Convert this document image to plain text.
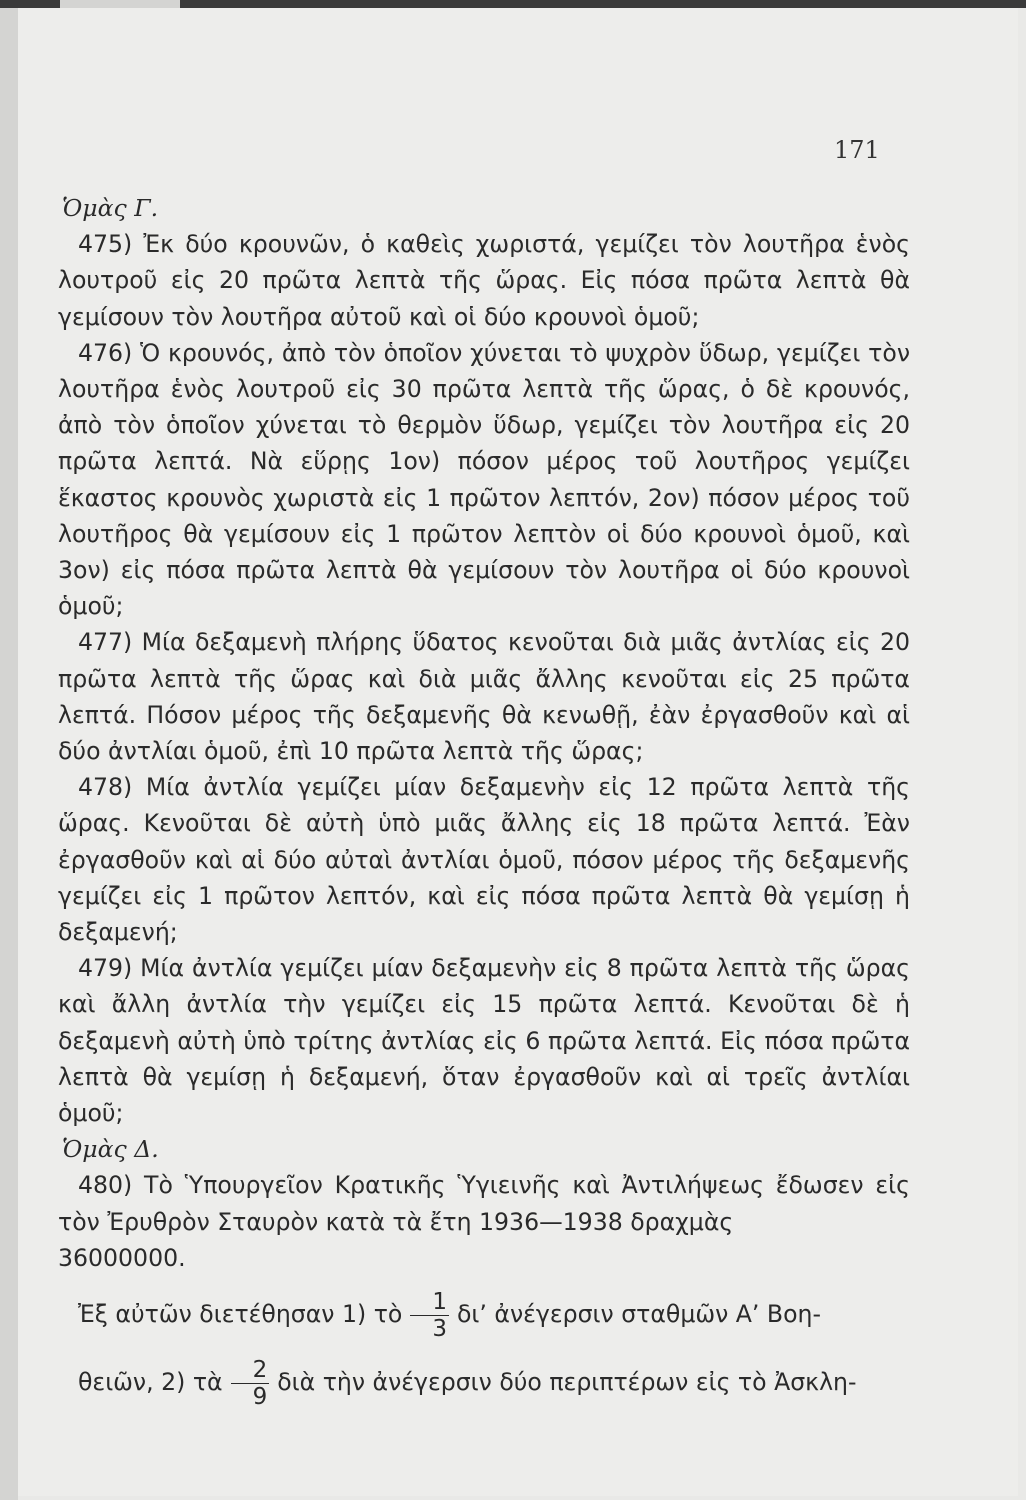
171

Ὁμὰς Γ.

475) Ἐκ δύο κρουνῶν, ὁ καθεὶς χωριστά, γεμίζει τὸν λουτῆρα ἑνὸς λουτροῦ εἰς 20 πρῶτα λεπτὰ τῆς ὥρας. Εἰς πόσα πρῶτα λεπτὰ θὰ γεμίσουν τὸν λουτῆρα αὐτοῦ καὶ οἱ δύο κρουνοὶ ὁμοῦ;

476) Ὁ κρουνός, ἀπὸ τὸν ὁποῖον χύνεται τὸ ψυχρὸν ὕδωρ, γεμίζει τὸν λουτῆρα ἑνὸς λουτροῦ εἰς 30 πρῶτα λεπτὰ τῆς ὥρας, ὁ δὲ κρουνός, ἀπὸ τὸν ὁποῖον χύνεται τὸ θερμὸν ὕδωρ, γεμίζει τὸν λουτῆρα εἰς 20 πρῶτα λεπτά. Νὰ εὕρῃς 1ον) πόσον μέρος τοῦ λουτῆρος γεμίζει ἕκαστος κρουνὸς χωριστὰ εἰς 1 πρῶτον λεπτόν, 2ον) πόσον μέρος τοῦ λουτῆρος θὰ γεμίσουν εἰς 1 πρῶτον λεπτὸν οἱ δύο κρουνοὶ ὁμοῦ, καὶ 3ον) εἰς πόσα πρῶτα λεπτὰ θὰ γεμίσουν τὸν λουτῆρα οἱ δύο κρουνοὶ ὁμοῦ;

477) Μία δεξαμενὴ πλήρης ὕδατος κενοῦται διὰ μιᾶς ἀντλίας εἰς 20 πρῶτα λεπτὰ τῆς ὥρας καὶ διὰ μιᾶς ἄλλης κενοῦται εἰς 25 πρῶτα λεπτά. Πόσον μέρος τῆς δεξαμενῆς θὰ κενωθῇ, ἐὰν ἐργασθοῦν καὶ αἱ δύο ἀντλίαι ὁμοῦ, ἐπὶ 10 πρῶτα λεπτὰ τῆς ὥρας;

478) Μία ἀντλία γεμίζει μίαν δεξαμενὴν εἰς 12 πρῶτα λεπτὰ τῆς ὥρας. Κενοῦται δὲ αὐτὴ ὑπὸ μιᾶς ἄλλης εἰς 18 πρῶτα λεπτά. Ἐὰν ἐργασθοῦν καὶ αἱ δύο αὐταὶ ἀντλίαι ὁμοῦ, πόσον μέρος τῆς δεξαμενῆς γεμίζει εἰς 1 πρῶτον λεπτόν, καὶ εἰς πόσα πρῶτα λεπτὰ θὰ γεμίσῃ ἡ δεξαμενή;

479) Μία ἀντλία γεμίζει μίαν δεξαμενὴν εἰς 8 πρῶτα λεπτὰ τῆς ὥρας καὶ ἄλλη ἀντλία τὴν γεμίζει εἰς 15 πρῶτα λεπτά. Κενοῦται δὲ ἡ δεξαμενὴ αὐτὴ ὑπὸ τρίτης ἀντλίας εἰς 6 πρῶτα λεπτά. Εἰς πόσα πρῶτα λεπτὰ θὰ γεμίσῃ ἡ δεξαμενή, ὅταν ἐργασθοῦν καὶ αἱ τρεῖς ἀντλίαι ὁμοῦ;

Ὁμὰς Δ.

480) Τὸ Ὑπουργεῖον Κρατικῆς Ὑγιεινῆς καὶ Ἀντιλήψεως ἔδωσεν εἰς τὸν Ἐρυθρὸν Σταυρὸν κατὰ τὰ ἔτη 1936—1938 δραχμὰς

36000000.

Ἐξ αὐτῶν διετέθησαν 1) τὸ $\frac{1}{3} \delta\iota$’ ἀνέγερσιν σταθμῶν Α’ Βοη-

θειῶν, 2) τὰ $\frac{2}{9}$ διὰ τὴν ἀνέγερσιν δύο περιπτέρων εἰς τὸ Ἀσκλη-
